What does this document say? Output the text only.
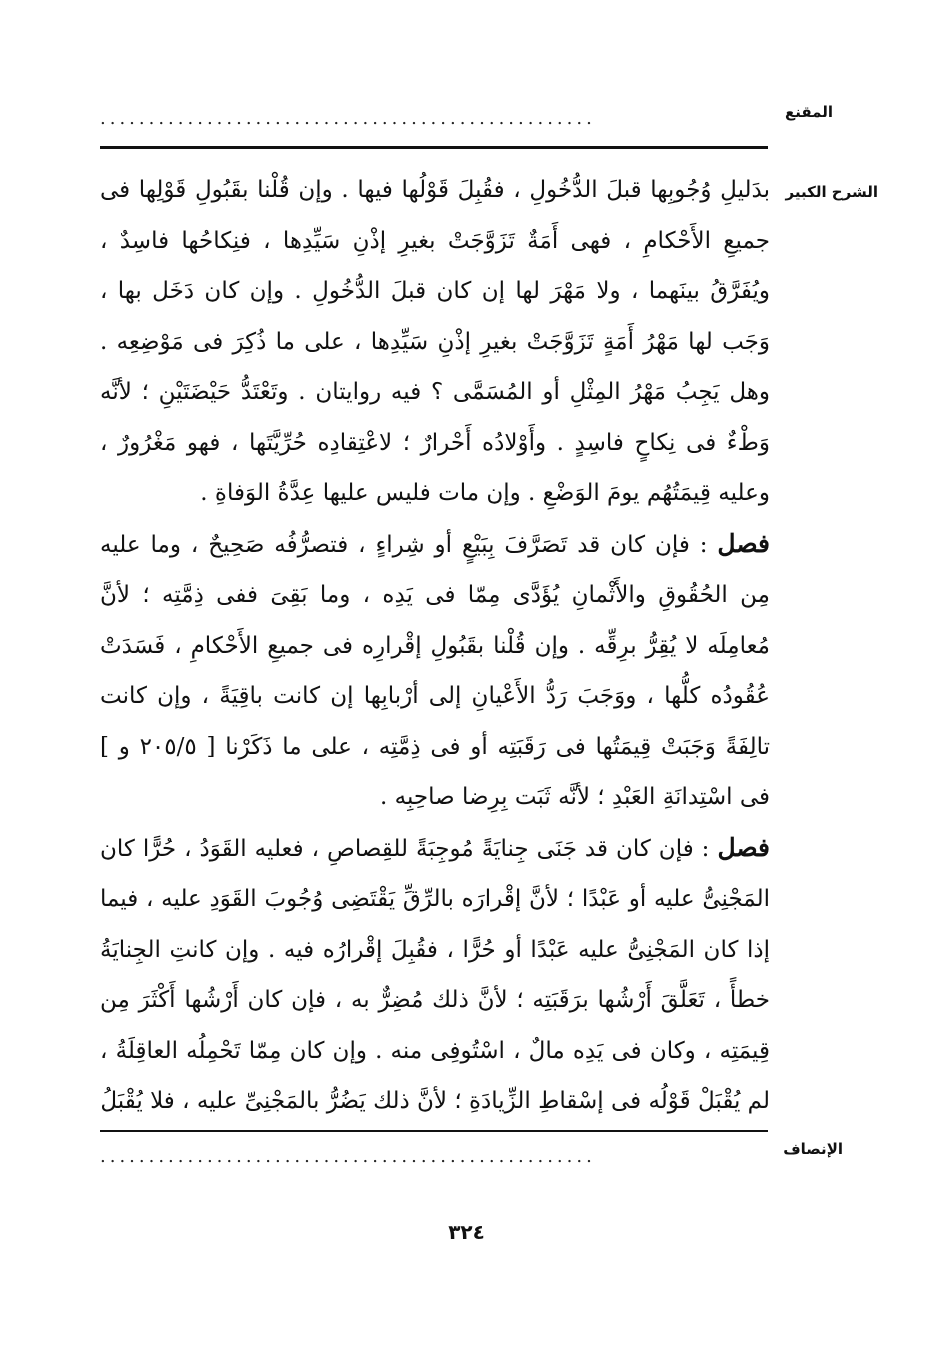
المقنع
...................................................
الشرح الكبير

بدَليلِ وُجُوبِها قبلَ الدُّخُولِ ، فقُبِلَ قَوْلُها فيها . وإن قُلْنا بقَبُولِ قَوْلِها فى جميعِ الأَحْكامِ ، فهى أَمَةٌ تَزَوَّجَتْ بغيرِ إذْنِ سَيِّدِها ، فنِكاحُها فاسِدٌ ، ويُفَرَّقُ بينَهما ، ولا مَهْرَ لها إن كان قبلَ الدُّخُولِ . وإن كان دَخَل بها ، وَجَب لها مَهْرُ أَمَةٍ تَزَوَّجَتْ بغيرِ إذْنِ سَيِّدِها ، على ما ذُكِرَ فى مَوْضِعِه . وهل يَجِبُ مَهْرُ المِثْلِ أو المُسَمَّى ؟ فيه روايتان . وتَعْتَدُّ حَيْضَتَيْنِ ؛ لأنَّه وَطْءٌ فى نِكاحٍ فاسِدٍ . وأَوْلادُه أَحْرارٌ ؛ لاعْتِقادِه حُرِّيَّتَها ، فهو مَغْرُورٌ ، وعليه قِيمَتُهُم يومَ الوَضْعِ . وإن مات فليس عليها عِدَّةُ الوَفاةِ .

فصل : فإن كان قد تَصَرَّفَ بِبَيْعٍ أو شِراءٍ ، فتصرُّفُه صَحِيحٌ ، وما عليه مِن الحُقُوقِ والأَثْمانِ يُؤَدَّى مِمّا فى يَدِه ، وما بَقِىَ ففى ذِمَّتِه ؛ لأنَّ مُعامِلَه لا يُقِرُّ برِقِّه . وإن قُلْنا بقَبُولِ إقْرارِه فى جميعِ الأَحْكامِ ، فَسَدَتْ عُقُودُه كلُّها ، ووَجَبَ رَدُّ الأَعْيانِ إلى أرْبابِها إن كانت باقِيَةً ، وإن كانت تالِفَةً وَجَبَتْ قِيمَتُها فى رَقَبَتِه أو فى ذِمَّتِه ، على ما ذَكَرْنا [ ٢٠٥/٥ و ] فى اسْتِدانَةِ العَبْدِ ؛ لأنَّه ثَبَت بِرِضا صاحِبِه .

فصل : فإن كان قد جَنَى جِنايَةً مُوجِبَةً للقِصاصِ ، فعليه القَوَدُ ، حُرًّا كان المَجْنِىُّ عليه أو عَبْدًا ؛ لأنَّ إقْرارَه بالرِّقِّ يَقْتَضِى وُجُوبَ القَوَدِ عليه ، فيما إذا كان المَجْنِىُّ عليه عَبْدًا أو حُرًّا ، فقُبِلَ إقْرارُه فيه . وإن كانتِ الجِنايَةُ خطأً ، تَعَلَّقَ أَرْشُها برَقَبَتِه ؛ لأنَّ ذلك مُضِرٌّ به ، فإن كان أَرْشُها أَكْثَرَ مِن قِيمَتِه ، وكان فى يَدِه مالٌ ، اسْتُوفِى منه . وإن كان مِمّا تَحْمِلُه العاقِلَةُ ، لم يُقْبَلْ قَوْلُه فى إسْقاطِ الزِّيادَةِ ؛ لأنَّ ذلك يَضُرُّ بالمَجْنِىِّ عليه ، فلا يُقْبَلُ

الإنصاف
...................................................
٣٢٤
